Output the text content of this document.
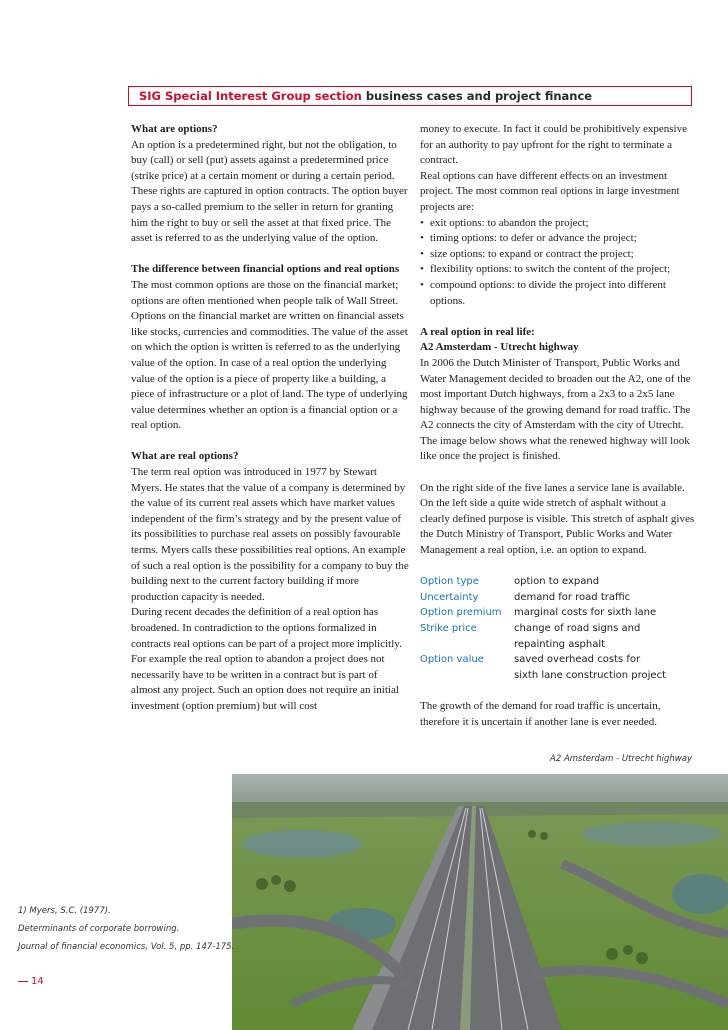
SIG Special Interest Group section business cases and project finance
What are options?

An option is a predetermined right, but not the obligation, to buy (call) or sell (put) assets against a predetermined price (strike price) at a certain moment or during a certain period. These rights are captured in option contracts. The option buyer pays a so-called premium to the seller in return for granting him the right to buy or sell the asset at that fixed price. The asset is referred to as the underlying value of the option.

The difference between financial options and real options

The most common options are those on the financial market; options are often mentioned when people talk of Wall Street. Options on the financial market are written on financial assets like stocks, currencies and commodities. The value of the asset on which the option is written is referred to as the underlying value of the option. In case of a real option the underlying value of the option is a piece of property like a building, a piece of infrastructure or a plot of land. The type of underlying value determines whether an option is a financial option or a real option.

What are real options?

The term real option was introduced in 1977 by Stewart Myers. He states that the value of a company is determined by the value of its current real assets which have market values independent of the firm’s strategy and by the present value of its possibilities to purchase real assets on possibly favourable terms. Myers calls these possibilities real options. An example of such a real option is the possibility for a company to buy the building next to the current factory building if more production capacity is needed.

During recent decades the definition of a real option has broadened. In contradiction to the options formalized in contracts real options can be part of a project more implicitly. For example the real option to abandon a project does not necessarily have to be written in a contract but is part of almost any project. Such an option does not require an initial investment (option premium) but will cost

money to execute. In fact it could be prohibitively expensive for an authority to pay upfront for the right to terminate a contract.

Real options can have different effects on an investment project. The most common real options in large investment projects are:

• exit options: to abandon the project;
• timing options: to defer or advance the project;
• size options: to expand or contract the project;
• flexibility options: to switch the content of the project;
• compound options: to divide the project into different options.
A real option in real life:
A2 Amsterdam - Utrecht highway

In 2006 the Dutch Minister of Transport, Public Works and Water Management decided to broaden out the A2, one of the most important Dutch highways, from a 2x3 to a 2x5 lane highway because of the growing demand for road traffic. The A2 connects the city of Amsterdam with the city of Utrecht. The image below shows what the renewed highway will look like once the project is finished.

On the right side of the five lanes a service lane is available. On the left side a quite wide stretch of asphalt without a clearly defined purpose is visible. This stretch of asphalt gives the Dutch Ministry of Transport, Public Works and Water Management a real option, i.e. an option to expand.

Option type	option to expand
Uncertainty	demand for road traffic
Option premium	marginal costs for sixth lane
Strike price	change of road signs and
	repainting asphalt
Option value	saved overhead costs for
	sixth lane construction project

The growth of the demand for road traffic is uncertain, therefore it is uncertain if another lane is ever needed.

A2 Amsterdam - Utrecht highway
1) Myers, S.C. (1977).
Determinants of corporate borrowing.
Journal of financial economics, Vol. 5, pp. 147-175.
14
